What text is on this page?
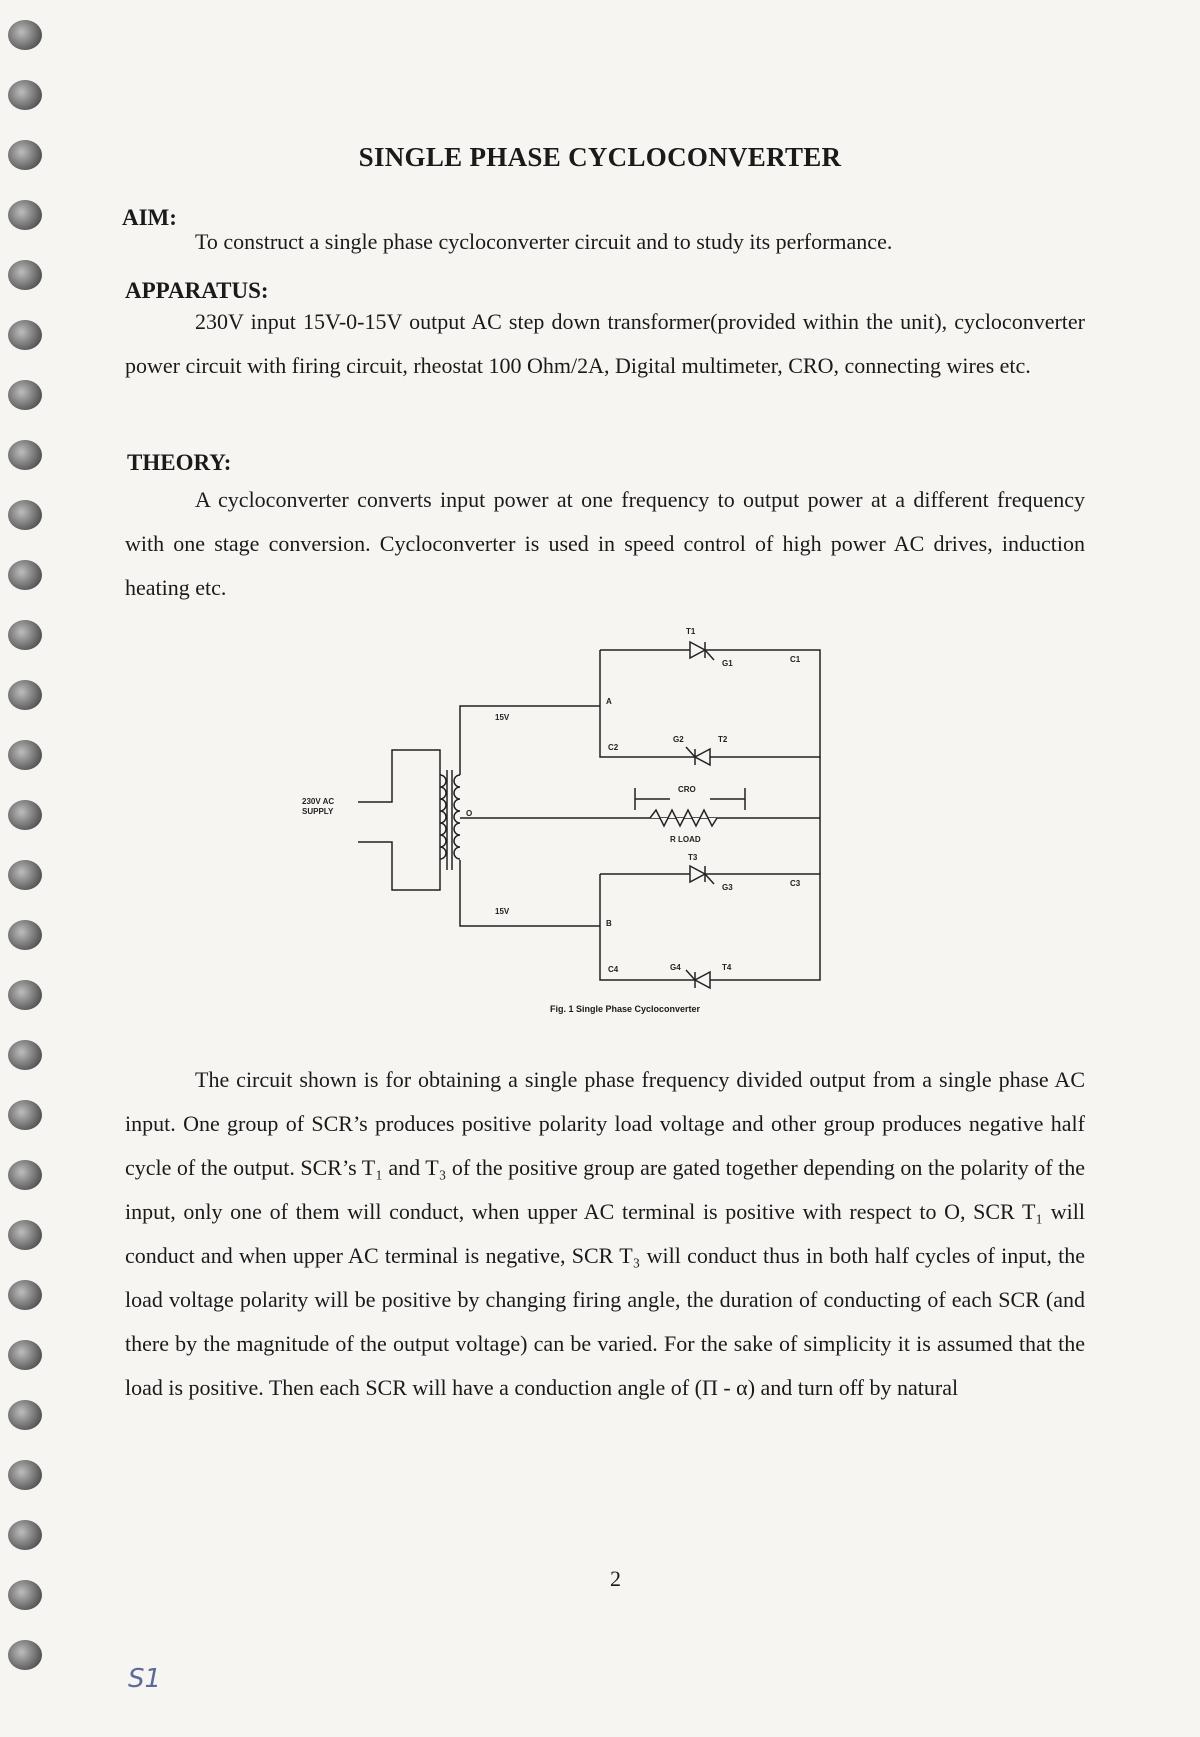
SINGLE PHASE CYCLOCONVERTER
AIM:
To construct a single phase cycloconverter circuit and to study its performance.
APPARATUS:
230V input 15V-0-15V output AC step down transformer(provided within the unit), cycloconverter power circuit with firing circuit, rheostat 100 Ohm/2A, Digital multimeter, CRO, connecting wires etc.
THEORY:
A cycloconverter converts input power at one frequency to output power at a different frequency with one stage conversion. Cycloconverter is used in speed control of high power AC drives, induction heating etc.
230V AC
SUPPLY
15V
15V
O
T1
G1	C1
A
C2
G2	T2
CRO
R LOAD
T3
G3	C3
B
C4	G4	T4
Fig. 1 Single Phase Cycloconverter
The circuit shown is for obtaining a single phase frequency divided output from a single phase AC input. One group of SCR’s produces positive polarity load voltage and other group produces negative half cycle of the output. SCR’s T₁ and T₃ of the positive group are gated together depending on the polarity of the input, only one of them will conduct, when upper AC terminal is positive with respect to O, SCR T₁ will conduct and when upper AC terminal is negative, SCR T₃ will conduct thus in both half cycles of input, the load voltage polarity will be positive by changing firing angle, the duration of conducting of each SCR (and there by the magnitude of the output voltage) can be varied. For the sake of simplicity it is assumed that the load is positive. Then each SCR will have a conduction angle of (Π - α) and turn off by natural
2
S1
